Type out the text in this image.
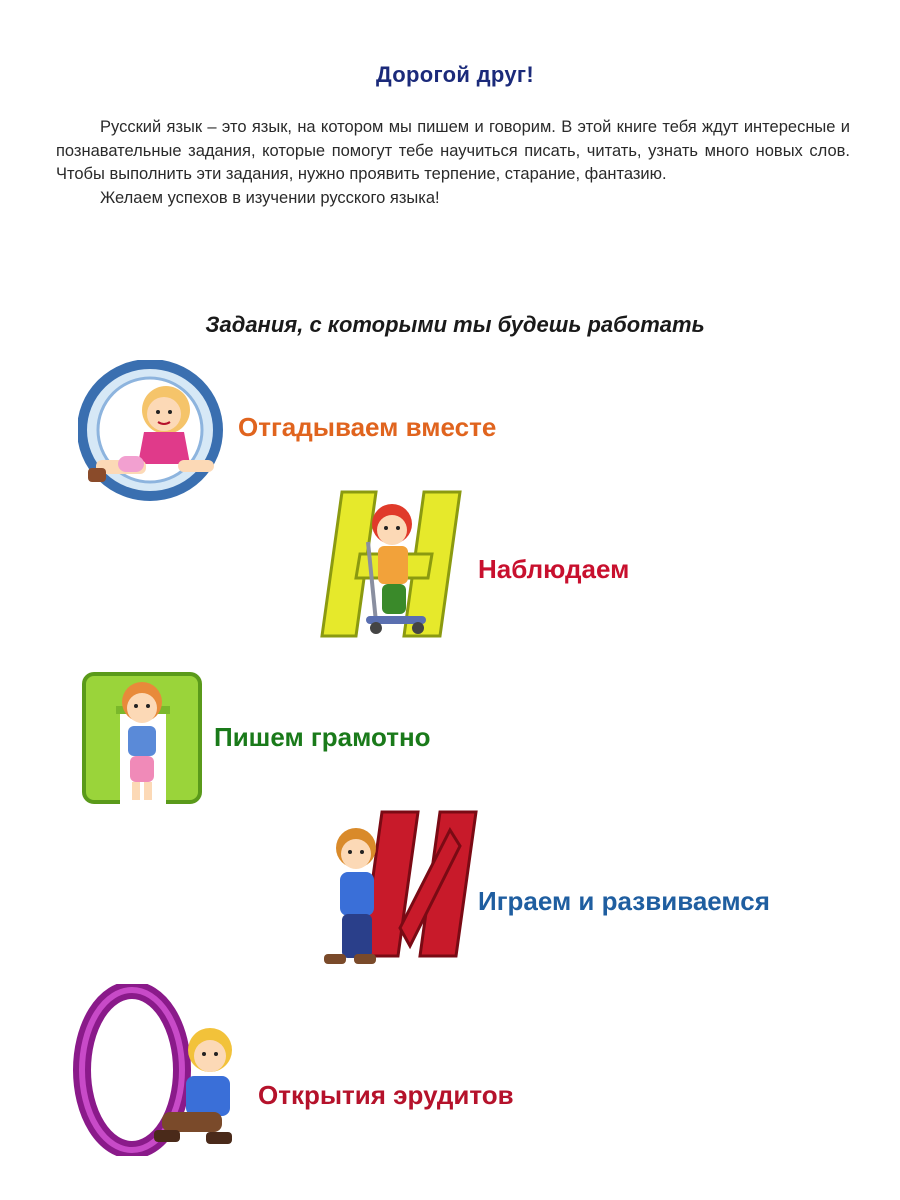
Дорогой друг!

Русский язык – это язык, на котором мы пишем и говорим. В этой книге тебя ждут интересные и познавательные задания, которые помогут тебе научиться писать, читать, узнать много новых слов. Чтобы выполнить эти задания, нужно проявить терпение, старание, фантазию.

Желаем успехов в изучении русского языка!

Задания, с которыми ты будешь работать
Отгадываем вместе
Наблюдаем
Пишем грамотно
Играем и развиваемся
Открытия эрудитов
